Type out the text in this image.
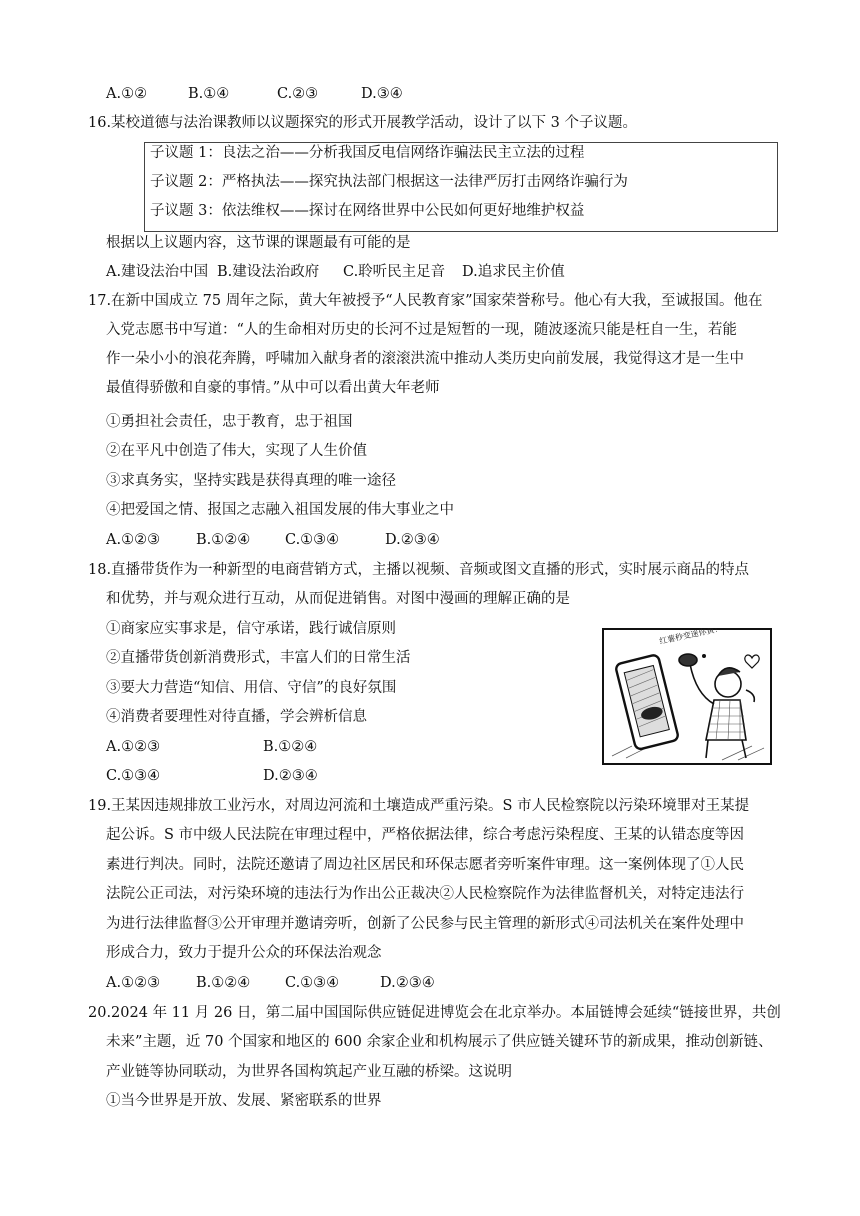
A.①②	B.①④	C.②③	D.③④
16.某校道德与法治课教师以议题探究的形式开展教学活动，设计了以下 3 个子议题。
子议题 1：良法之治——分析我国反电信网络诈骗法民主立法的过程
子议题 2：严格执法——探究执法部门根据这一法律严厉打击网络诈骗行为
子议题 3：依法维权——探讨在网络世界中公民如何更好地维护权益
根据以上议题内容，这节课的课题最有可能的是
A.建设法治中国 B.建设法治政府 C.聆听民主足音 D.追求民主价值
17.在新中国成立 75 周年之际，黄大年被授予“人民教育家”国家荣誉称号。他心有大我，至诚报国。他在
入党志愿书中写道：“人的生命相对历史的长河不过是短暂的一现，随波逐流只能是枉自一生，若能
作一朵小小的浪花奔腾，呼啸加入献身者的滚滚洪流中推动人类历史向前发展，我觉得这才是一生中
最值得骄傲和自豪的事情。”从中可以看出黄大年老师
①勇担社会责任，忠于教育，忠于祖国
②在平凡中创造了伟大，实现了人生价值
③求真务实，坚持实践是获得真理的唯一途径
④把爱国之情、报国之志融入祖国发展的伟大事业之中
A.①②③ B.①②④ C.①③④	D.②③④
18.直播带货作为一种新型的电商营销方式，主播以视频、音频或图文直播的形式，实时展示商品的特点
和优势，并与观众进行互动，从而促进销售。对图中漫画的理解正确的是
①商家应实事求是，信守承诺，践行诚信原则
②直播带货创新消费形式，丰富人们的日常生活
③要大力营造“知信、用信、守信”的良好氛围
④消费者要理性对待直播，学会辨析信息
A.①②③	B.①②④
C.①③④	D.②③④
红薯秒变迷你黄！
19.王某因违规排放工业污水，对周边河流和土壤造成严重污染。S 市人民检察院以污染环境罪对王某提
起公诉。S 市中级人民法院在审理过程中，严格依据法律，综合考虑污染程度、王某的认错态度等因
素进行判决。同时，法院还邀请了周边社区居民和环保志愿者旁听案件审理。这一案例体现了①人民
法院公正司法，对污染环境的违法行为作出公正裁决②人民检察院作为法律监督机关，对特定违法行
为进行法律监督③公开审理并邀请旁听，创新了公民参与民主管理的新形式④司法机关在案件处理中
形成合力，致力于提升公众的环保法治观念
A.①②③ B.①②④ C.①③④	D.②③④
20.2024 年 11 月 26 日，第二届中国国际供应链促进博览会在北京举办。本届链博会延续“链接世界，共创
未来”主题，近 70 个国家和地区的 600 余家企业和机构展示了供应链关键环节的新成果，推动创新链、
产业链等协同联动，为世界各国构筑起产业互融的桥梁。这说明
①当今世界是开放、发展、紧密联系的世界
